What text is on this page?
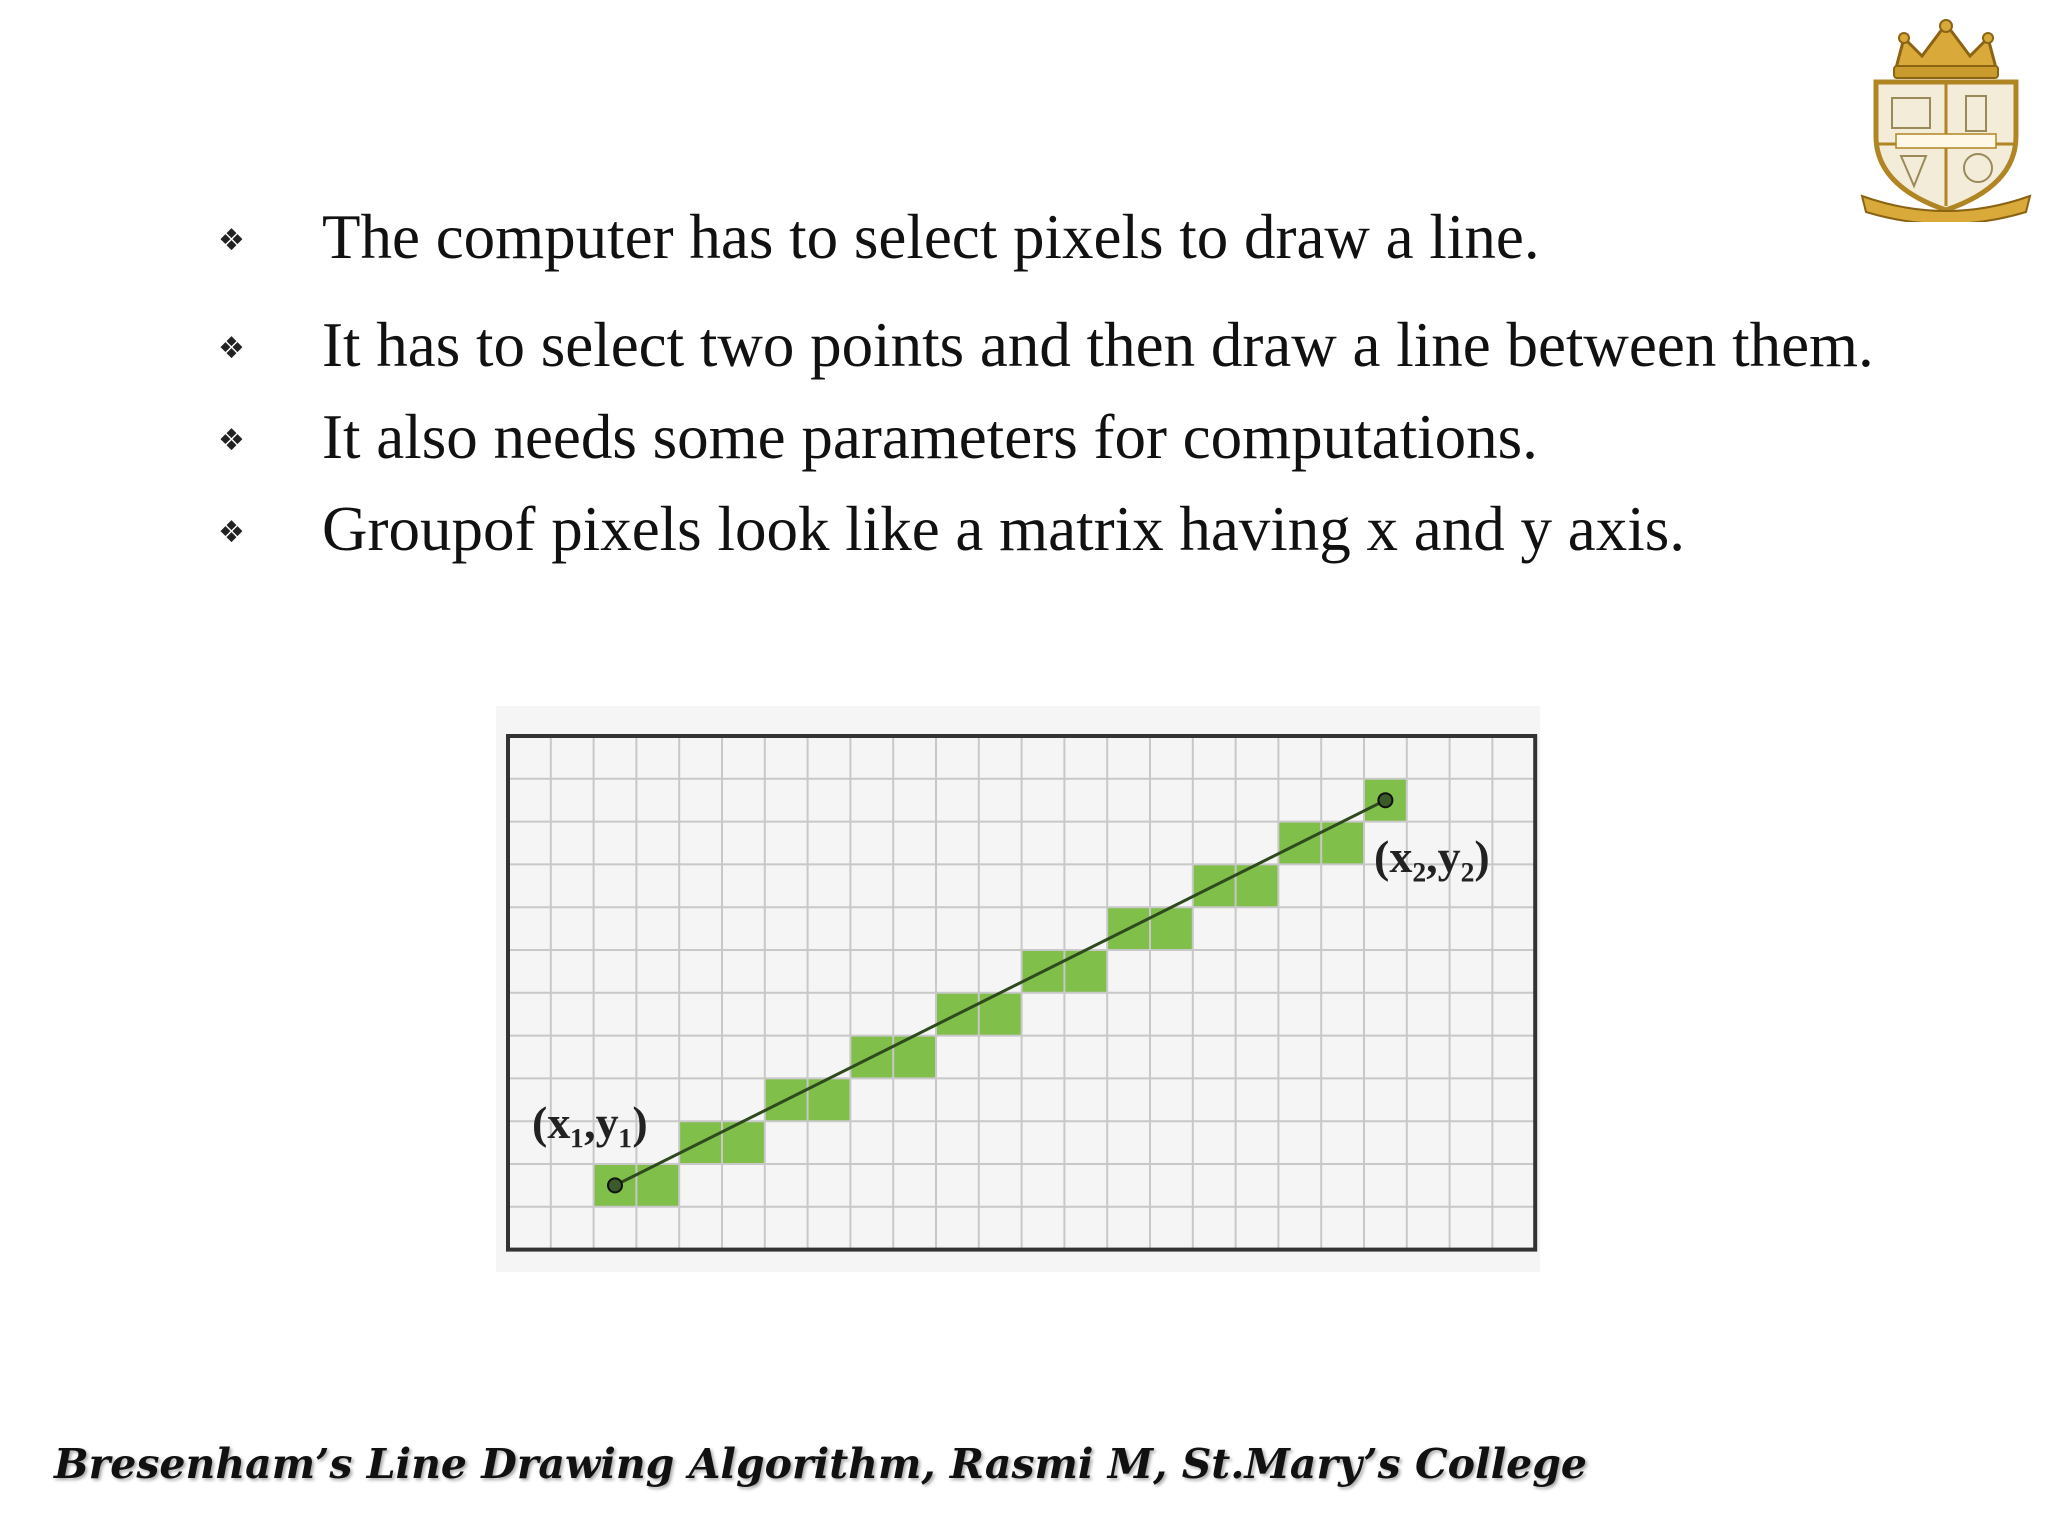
❖ The computer has to select pixels to draw a line.
❖ It has to select two points and then draw a line between them.
❖ It also needs some parameters for computations.
❖ Groupof pixels look like a matrix having x and y axis.
(x₁,y₁)
(x₂,y₂)
Bresenham’s Line Drawing Algorithm, Rasmi M, St.Mary’s College
